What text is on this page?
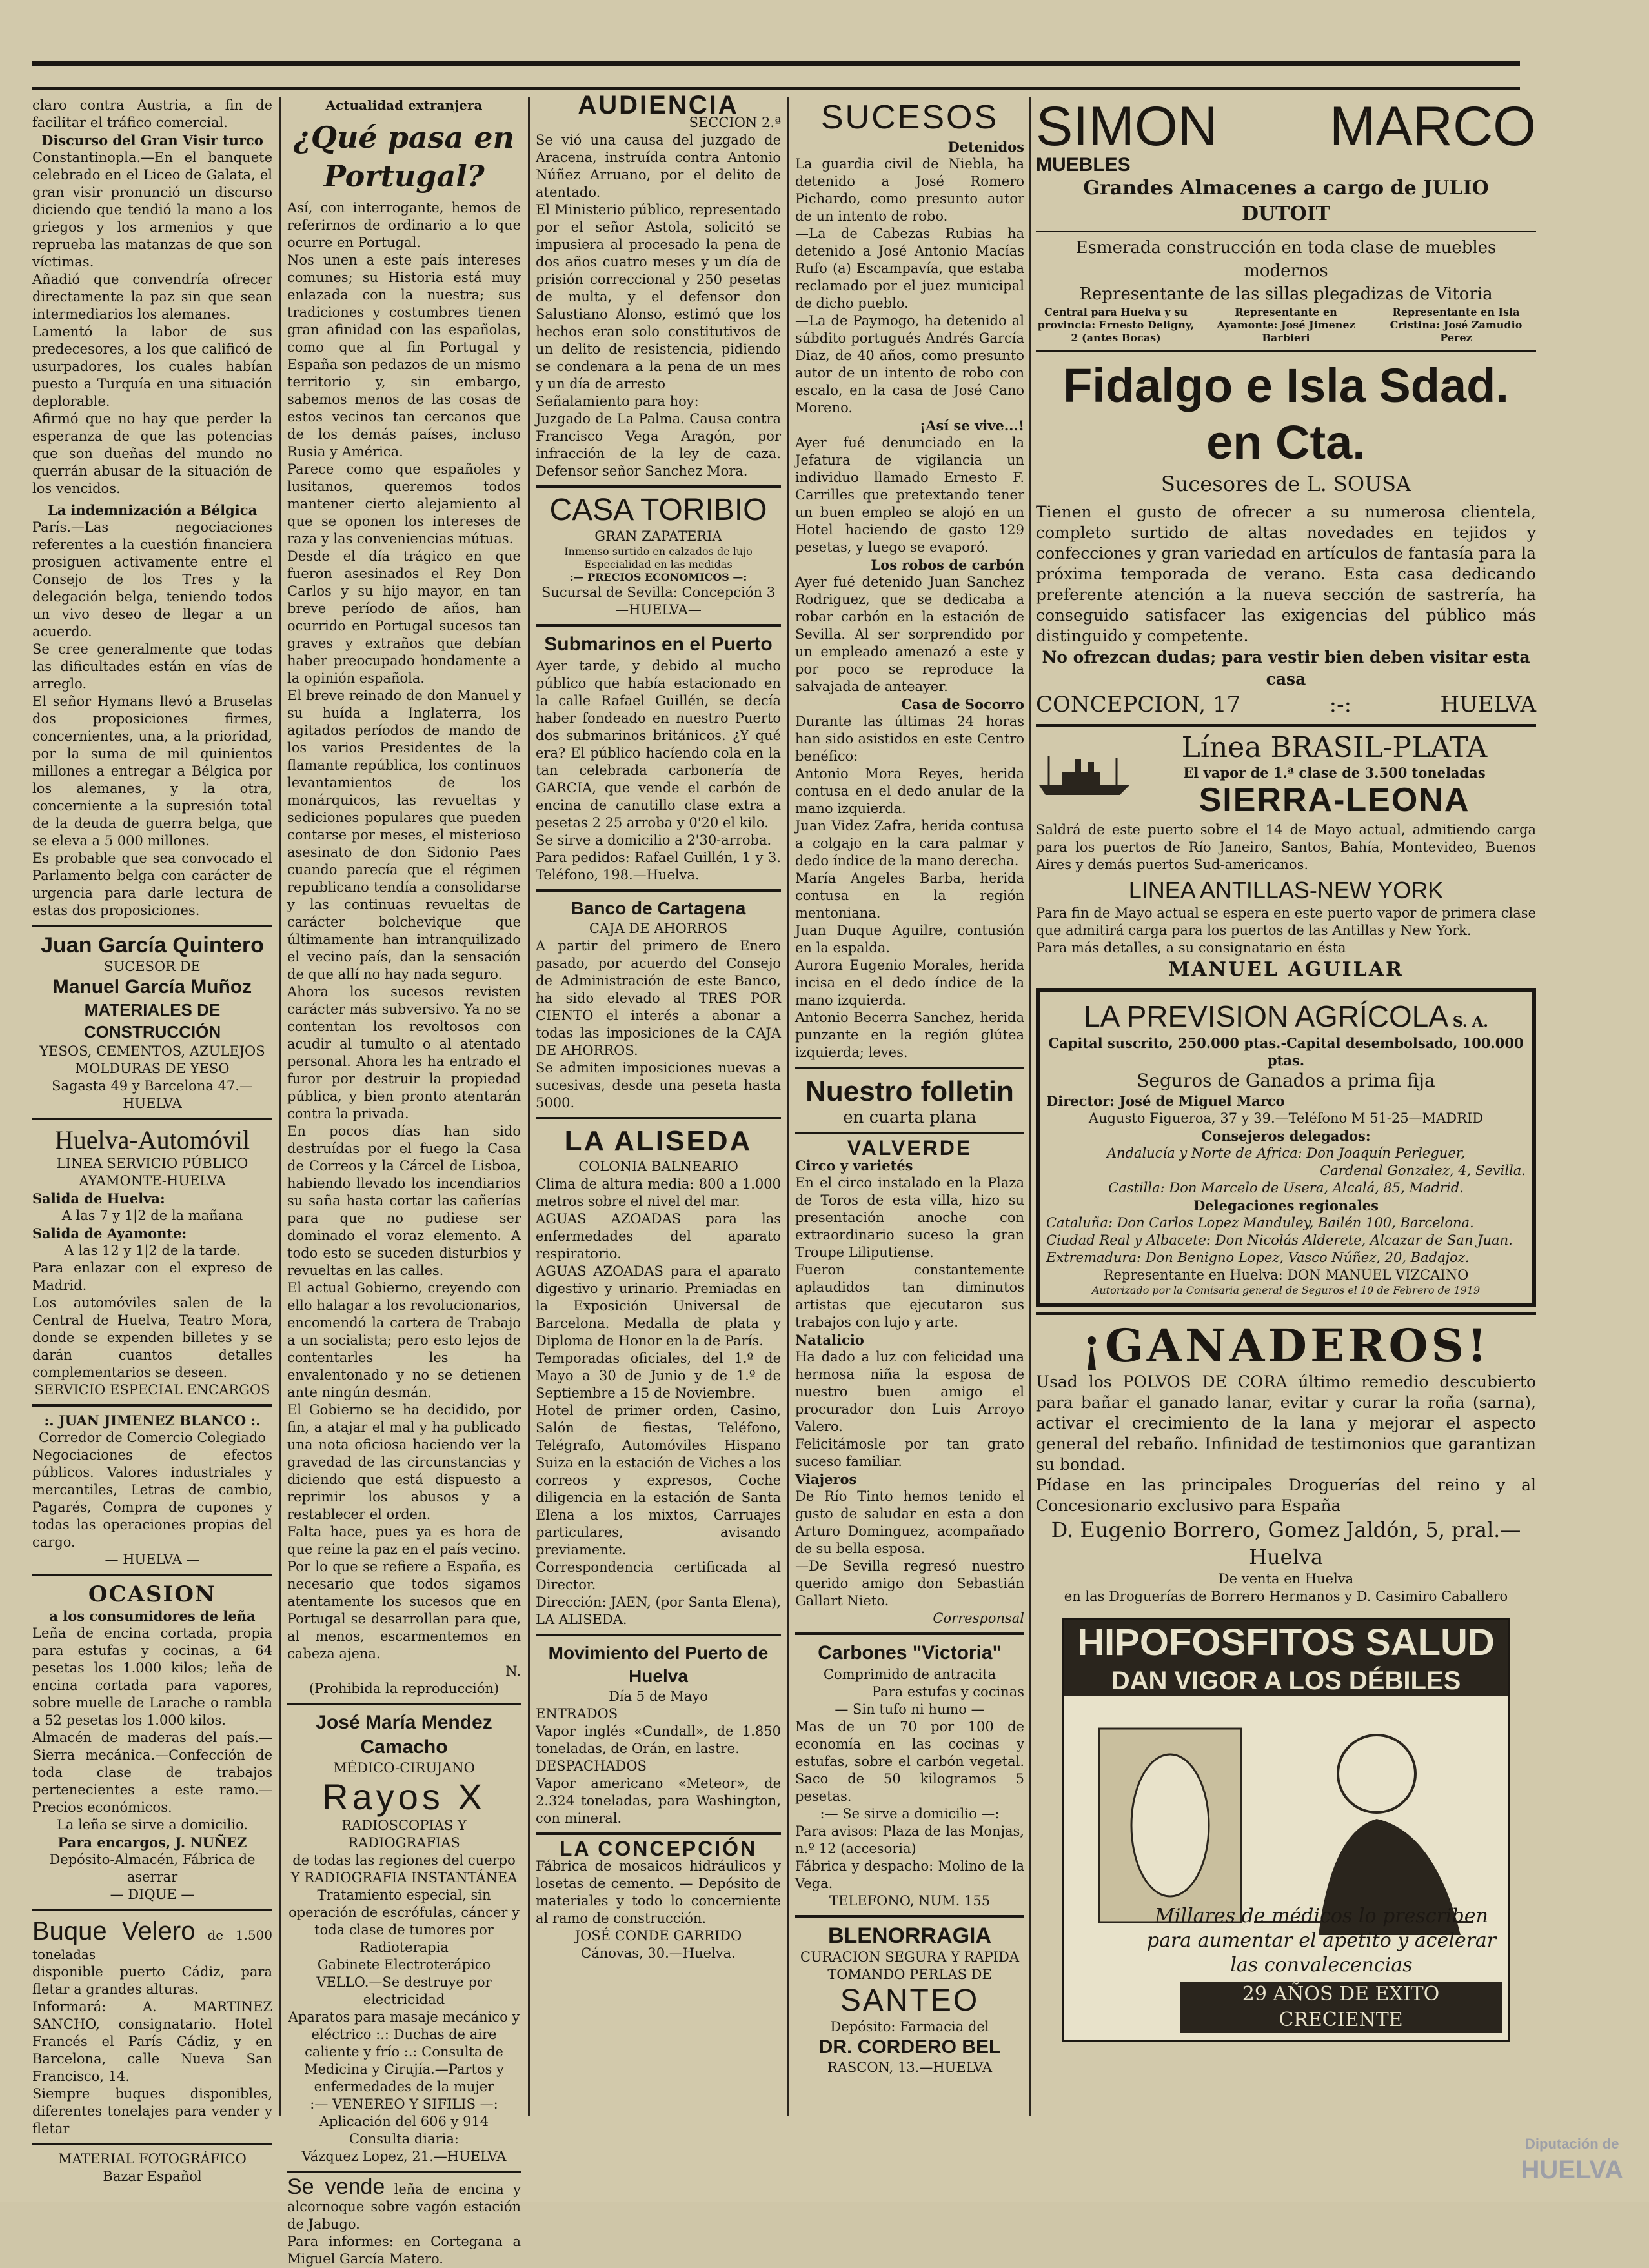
claro contra Austria, a fin de facilitar el tráfico comercial.

Discurso del Gran Visir turco

Constantinopla.—En el banquete celebrado en el Liceo de Galata, el gran visir pronunció un discurso diciendo que tendió la mano a los griegos y los armenios y que reprueba las matanzas de que son víctimas.

Añadió que convendría ofrecer directamente la paz sin que sean intermediarios los alemanes.

Lamentó la labor de sus predecesores, a los que calificó de usurpadores, los cuales habían puesto a Turquía en una situación deplorable.

Afirmó que no hay que perder la esperanza de que las potencias que son dueñas del mundo no querrán abusar de la situación de los vencidos.

La indemnización a Bélgica

París.—Las negociaciones referentes a la cuestión financiera prosiguen activamente entre el Consejo de los Tres y la delegación belga, teniendo todos un vivo deseo de llegar a un acuerdo.

Se cree generalmente que todas las dificultades están en vías de arreglo.

El señor Hymans llevó a Bruselas dos proposiciones firmes, concernientes, una, a la prioridad, por la suma de mil quinientos millones a entregar a Bélgica por los alemanes, y la otra, concerniente a la supresión total de la deuda de guerra belga, que se eleva a 5 000 millones.

Es probable que sea convocado el Parlamento belga con carácter de urgencia para darle lectura de estas dos proposiciones.

Juan García Quintero
SUCESOR DE
Manuel García Muñoz
MATERIALES DE CONSTRUCCIÓN
YESOS, CEMENTOS, AZULEJOS
MOLDURAS DE YESO
Sagasta 49 y Barcelona 47.—HUELVA
Huelva-Automóvil
LINEA SERVICIO PÚBLICO
AYAMONTE-HUELVA
Salida de Huelva:
A las 7 y 1|2 de la mañana
Salida de Ayamonte:
A las 12 y 1|2 de la tarde.

Para enlazar con el expreso de Madrid.

Los automóviles salen de la Central de Huelva, Teatro Mora, donde se expenden billetes y se darán cuantos detalles complementarios se deseen.

SERVICIO ESPECIAL ENCARGOS
:. JUAN JIMENEZ BLANCO :.
Corredor de Comercio Colegiado

Negociaciones de efectos públicos. Valores industriales y mercantiles, Letras de cambio, Pagarés, Compra de cupones y todas las operaciones propias del cargo.

— HUELVA —
OCASION
a los consumidores de leña

Leña de encina cortada, propia para estufas y cocinas, a 64 pesetas los 1.000 kilos; leña de encina cortada para vapores, sobre muelle de Larache o rambla a 52 pesetas los 1.000 kilos.

Almacén de maderas del país.—Sierra mecánica.—Confección de toda clase de trabajos pertenecientes a este ramo.—Precios económicos.

La leña se sirve a domicilio.
Para encargos, J. NUÑEZ
Depósito-Almacén, Fábrica de aserrar
— DIQUE —
Buque Velero de 1.500 toneladas

disponible puerto Cádiz, para fletar a grandes alturas.

Informará: A. MARTINEZ SANCHO, consignatario. Hotel Francés el París Cádiz, y en Barcelona, calle Nueva San Francisco, 14.

Siempre buques disponibles, diferentes tonelajes para vender y fletar

MATERIAL FOTOGRÁFICO
Bazar Español
Actualidad extranjera
¿Qué pasa en Portugal?

Así, con interrogante, hemos de referirnos de ordinario a lo que ocurre en Portugal.

Nos unen a este país intereses comunes; su Historia está muy enlazada con la nuestra; sus tradiciones y costumbres tienen gran afinidad con las españolas, como que al fin Portugal y España son pedazos de un mismo territorio y, sin embargo, sabemos menos de las cosas de estos vecinos tan cercanos que de los demás países, incluso Rusia y América.

Parece como que españoles y lusitanos, queremos todos mantener cierto alejamiento al que se oponen los intereses de raza y las conveniencias mútuas.

Desde el día trágico en que fueron asesinados el Rey Don Carlos y su hijo mayor, en tan breve período de años, han ocurrido en Portugal sucesos tan graves y extraños que debían haber preocupado hondamente a la opinión española.

El breve reinado de don Manuel y su huída a Inglaterra, los agitados períodos de mando de los varios Presidentes de la flamante república, los continuos levantamientos de los monárquicos, las revueltas y sediciones populares que pueden contarse por meses, el misterioso asesinato de don Sidonio Paes cuando parecía que el régimen republicano tendía a consolidarse y las continuas revueltas de carácter bolchevique que últimamente han intranquilizado el vecino país, dan la sensación de que allí no hay nada seguro.

Ahora los sucesos revisten carácter más subversivo. Ya no se contentan los revoltosos con acudir al tumulto o al atentado personal. Ahora les ha entrado el furor por destruir la propiedad pública, y bien pronto atentarán contra la privada.

En pocos días han sido destruídas por el fuego la Casa de Correos y la Cárcel de Lisboa, habiendo llevado los incendiarios su saña hasta cortar las cañerías para que no pudiese ser dominado el voraz elemento. A todo esto se suceden disturbios y revueltas en las calles.

El actual Gobierno, creyendo con ello halagar a los revolucionarios, encomendó la cartera de Trabajo a un socialista; pero esto lejos de contentarles les ha envalentonado y no se detienen ante ningún desmán.

El Gobierno se ha decidido, por fin, a atajar el mal y ha publicado una nota oficiosa haciendo ver la gravedad de las circunstancias y diciendo que está dispuesto a reprimir los abusos y a restablecer el orden.

Falta hace, pues ya es hora de que reine la paz en el país vecino.

Por lo que se refiere a España, es necesario que todos sigamos atentamente los sucesos que en Portugal se desarrollan para que, al menos, escarmentemos en cabeza ajena.

N.
(Prohibida la reproducción)
José María Mendez Camacho
MÉDICO-CIRUJANO
Rayos X
RADIOSCOPIAS Y RADIOGRAFIAS
de todas las regiones del cuerpo
Y RADIOGRAFIA INSTANTÁNEA

Tratamiento especial, sin operación de escrófulas, cáncer y toda clase de tumores por Radioterapia

Gabinete Electroterápico
VELLO.—Se destruye por electricidad

Aparatos para masaje mecánico y eléctrico :.: Duchas de aire caliente y frío :.: Consulta de Medicina y Cirujía.—Partos y enfermedades de la mujer

:— VENEREO Y SIFILIS —:
Aplicación del 606 y 914
Consulta diaria:
Vázquez Lopez, 21.—HUELVA
Se vende leña de encina y alcornoque sobre vagón estación de Jabugo.

Para informes: en Cortegana a Miguel García Matero.

AUDIENCIA
SECCION 2.ª

Se vió una causa del juzgado de Aracena, instruída contra Antonio Núñez Arruano, por el delito de atentado.

El Ministerio público, representado por el señor Astola, solicitó se impusiera al procesado la pena de dos años cuatro meses y un día de prisión correccional y 250 pesetas de multa, y el defensor don Salustiano Alonso, estimó que los hechos eran solo constitutivos de un delito de resistencia, pidiendo se condenara a la pena de un mes y un día de arresto

Señalamiento para hoy:

Juzgado de La Palma. Causa contra Francisco Vega Aragón, por infracción de la ley de caza. Defensor señor Sanchez Mora.

CASA TORIBIO
GRAN ZAPATERIA
Inmenso surtido en calzados de lujo
Especialidad en las medidas
:— PRECIOS ECONOMICOS —:
Sucursal de Sevilla: Concepción 3
—HUELVA—
Submarinos en el Puerto

Ayer tarde, y debido al mucho público que había estacionado en la calle Rafael Guillén, se decía haber fondeado en nuestro Puerto dos submarinos británicos. ¿Y qué era? El público hacíendo cola en la tan celebrada carbonería de GARCIA, que vende el carbón de encina de canutillo clase extra a pesetas 2 25 arroba y 0'20 el kilo.

Se sirve a domicilio a 2'30-arroba.

Para pedidos: Rafael Guillén, 1 y 3. Teléfono, 198.—Huelva.

Banco de Cartagena
CAJA DE AHORROS

A partir del primero de Enero pasado, por acuerdo del Consejo de Administración de este Banco, ha sido elevado al TRES POR CIENTO el interés a abonar a todas las imposiciones de la CAJA DE AHORROS.

Se admiten imposiciones nuevas a sucesivas, desde una peseta hasta 5000.

LA ALISEDA
COLONIA BALNEARIO

Clima de altura media: 800 a 1.000 metros sobre el nivel del mar.

AGUAS AZOADAS para las enfermedades del aparato respiratorio.

AGUAS AZOADAS para el aparato digestivo y urinario. Premiadas en la Exposición Universal de Barcelona. Medalla de plata y Diploma de Honor en la de París.

Temporadas oficiales, del 1.º de Mayo a 30 de Junio y de 1.º de Septiembre a 15 de Noviembre.

Hotel de primer orden, Casino, Salón de fiestas, Teléfono, Telégrafo, Automóviles Hispano Suiza en la estación de Viches a los correos y expresos, Coche diligencia en la estación de Santa Elena a los mixtos, Carruajes particulares, avisando previamente.

Correspondencia certificada al Director.

Dirección: JAEN, (por Santa Elena), LA ALISEDA.

Movimiento del Puerto de Huelva
Día 5 de Mayo
ENTRADOS

Vapor inglés «Cundall», de 1.850 toneladas, de Orán, en lastre.

DESPACHADOS

Vapor americano «Meteor», de 2.324 toneladas, para Washington, con mineral.

LA CONCEPCIÓN

Fábrica de mosaicos hidráulicos y losetas de cemento. — Depósito de materiales y todo lo concerniente al ramo de construcción.

JOSÉ CONDE GARRIDO
Cánovas, 30.—Huelva.
SUCESOS
Detenidos

La guardia civil de Niebla, ha detenido a José Romero Pichardo, como presunto autor de un intento de robo.

—La de Cabezas Rubias ha detenido a José Antonio Macías Rufo (a) Escampavía, que estaba reclamado por el juez municipal de dicho pueblo.

—La de Paymogo, ha detenido al súbdito portugués Andrés García Diaz, de 40 años, como presunto autor de un intento de robo con escalo, en la casa de José Cano Moreno.

¡Así se vive...!

Ayer fué denunciado en la Jefatura de vigilancia un individuo llamado Ernesto F. Carrilles que pretextando tener un buen empleo se alojó en un Hotel haciendo de gasto 129 pesetas, y luego se evaporó.

Los robos de carbón

Ayer fué detenido Juan Sanchez Rodriguez, que se dedicaba a robar carbón en la estación de Sevilla. Al ser sorprendido por un empleado amenazó a este y por poco se reproduce la salvajada de anteayer.

Casa de Socorro

Durante las últimas 24 horas han sido asistidos en este Centro benéfico:

Antonio Mora Reyes, herida contusa en el dedo anular de la mano izquierda.

Juan Videz Zafra, herida contusa a colgajo en la cara palmar y dedo índice de la mano derecha.

María Angeles Barba, herida contusa en la región mentoniana.

Juan Duque Aguilre, contusión en la espalda.

Aurora Eugenio Morales, herida incisa en el dedo índice de la mano izquierda.

Antonio Becerra Sanchez, herida punzante en la región glútea izquierda; leves.

Nuestro folletin
en cuarta plana
VALVERDE
Circo y varietés

En el circo instalado en la Plaza de Toros de esta villa, hizo su presentación anoche con extraordinario suceso la gran Troupe Liliputiense.

Fueron constantemente aplaudidos tan diminutos artistas que ejecutaron sus trabajos con lujo y arte.

Natalicio

Ha dado a luz con felicidad una hermosa niña la esposa de nuestro buen amigo el procurador don Luis Arroyo Valero.

Felicitámosle por tan grato suceso familiar.

Viajeros

De Río Tinto hemos tenido el gusto de saludar en esta a don Arturo Dominguez, acompañado de su bella esposa.

—De Sevilla regresó nuestro querido amigo don Sebastián Gallart Nieto.

Corresponsal
Carbones "Victoria"
Comprimido de antracita
Para estufas y cocinas
— Sin tufo ni humo —

Mas de un 70 por 100 de economía en las cocinas y estufas, sobre el carbón vegetal. Saco de 50 kilogramos 5 pesetas.

:— Se sirve a domicilio —:

Para avisos: Plaza de las Monjas, n.º 12 (accesoria)

Fábrica y despacho: Molino de la Vega.

TELEFONO, NUM. 155
BLENORRAGIA
CURACION SEGURA Y RAPIDA
TOMANDO PERLAS DE
SANTEO
Depósito: Farmacia del
DR. CORDERO BEL
RASCON, 13.—HUELVA
SIMON MARCO MUEBLES
Grandes Almacenes a cargo de JULIO DUTOIT
Esmerada construcción en toda clase de muebles modernos
Representante de las sillas plegadizas de Vitoria
Central para Huelva y su provincia: Ernesto Deligny, 2 (antes Bocas)
Representante en Ayamonte: José Jimenez Barbieri
Representante en Isla Cristina: José Zamudio Perez
Fidalgo e Isla Sdad. en Cta.
Sucesores de L. SOUSA

Tienen el gusto de ofrecer a su numerosa clientela, completo surtido de altas novedades en tejidos y confecciones y gran variedad en artículos de fantasía para la próxima temporada de verano. Esta casa dedicando preferente atención a la nueva sección de sastrería, ha conseguido satisfacer las exigencias del público más distinguido y competente.

No ofrezcan dudas; para vestir bien deben visitar esta casa
CONCEPCION, 17	:-:	HUELVA
Línea BRASIL-PLATA
El vapor de 1.ª clase de 3.500 toneladas
SIERRA-LEONA

Saldrá de este puerto sobre el 14 de Mayo actual, admitiendo carga para los puertos de Río Janeiro, Santos, Bahía, Montevideo, Buenos Aires y demás puertos Sud-americanos.

LINEA ANTILLAS-NEW YORK

Para fin de Mayo actual se espera en este puerto vapor de primera clase que admitirá carga para los puertos de las Antillas y New York.

Para más detalles, a su consignatario en ésta
MANUEL AGUILAR
LA PREVISION AGRÍCOLA S. A.
Capital suscrito, 250.000 ptas.-Capital desembolsado, 100.000 ptas.
Seguros de Ganados a prima fija
Director: José de Miguel Marco
Augusto Figueroa, 37 y 39.—Teléfono M 51-25—MADRID
Consejeros delegados:
Andalucía y Norte de Africa: Don Joaquín Perleguer,
Cardenal Gonzalez, 4, Sevilla.
Castilla: Don Marcelo de Usera, Alcalá, 85, Madrid.
Delegaciones regionales
Cataluña: Don Carlos Lopez Manduley, Bailén 100, Barcelona.
Ciudad Real y Albacete: Don Nicolás Alderete, Alcazar de San Juan.
Extremadura: Don Benigno Lopez, Vasco Núñez, 20, Badajoz.
Representante en Huelva: DON MANUEL VIZCAINO
Autorizado por la Comisaria general de Seguros el 10 de Febrero de 1919
¡GANADEROS!

Usad los POLVOS DE CORA último remedio descubierto para bañar el ganado lanar, evitar y curar la roña (sarna), activar el crecimiento de la lana y mejorar el aspecto general del rebaño. Infinidad de testimonios que garantizan su bondad.

Pídase en las principales Droguerías del reino y al Concesionario exclusivo para España

D. Eugenio Borrero, Gomez Jaldón, 5, pral.—Huelva
De venta en Huelva
en las Droguerías de Borrero Hermanos y D. Casimiro Caballero
HIPOFOSFITOS SALUD
DAN VIGOR A LOS DÉBILES
Millares de médicos lo prescriben para aumentar el apetito y acelerar las convalecencias
29 AÑOS DE EXITO CRECIENTE
Diputación de
HUELVA
